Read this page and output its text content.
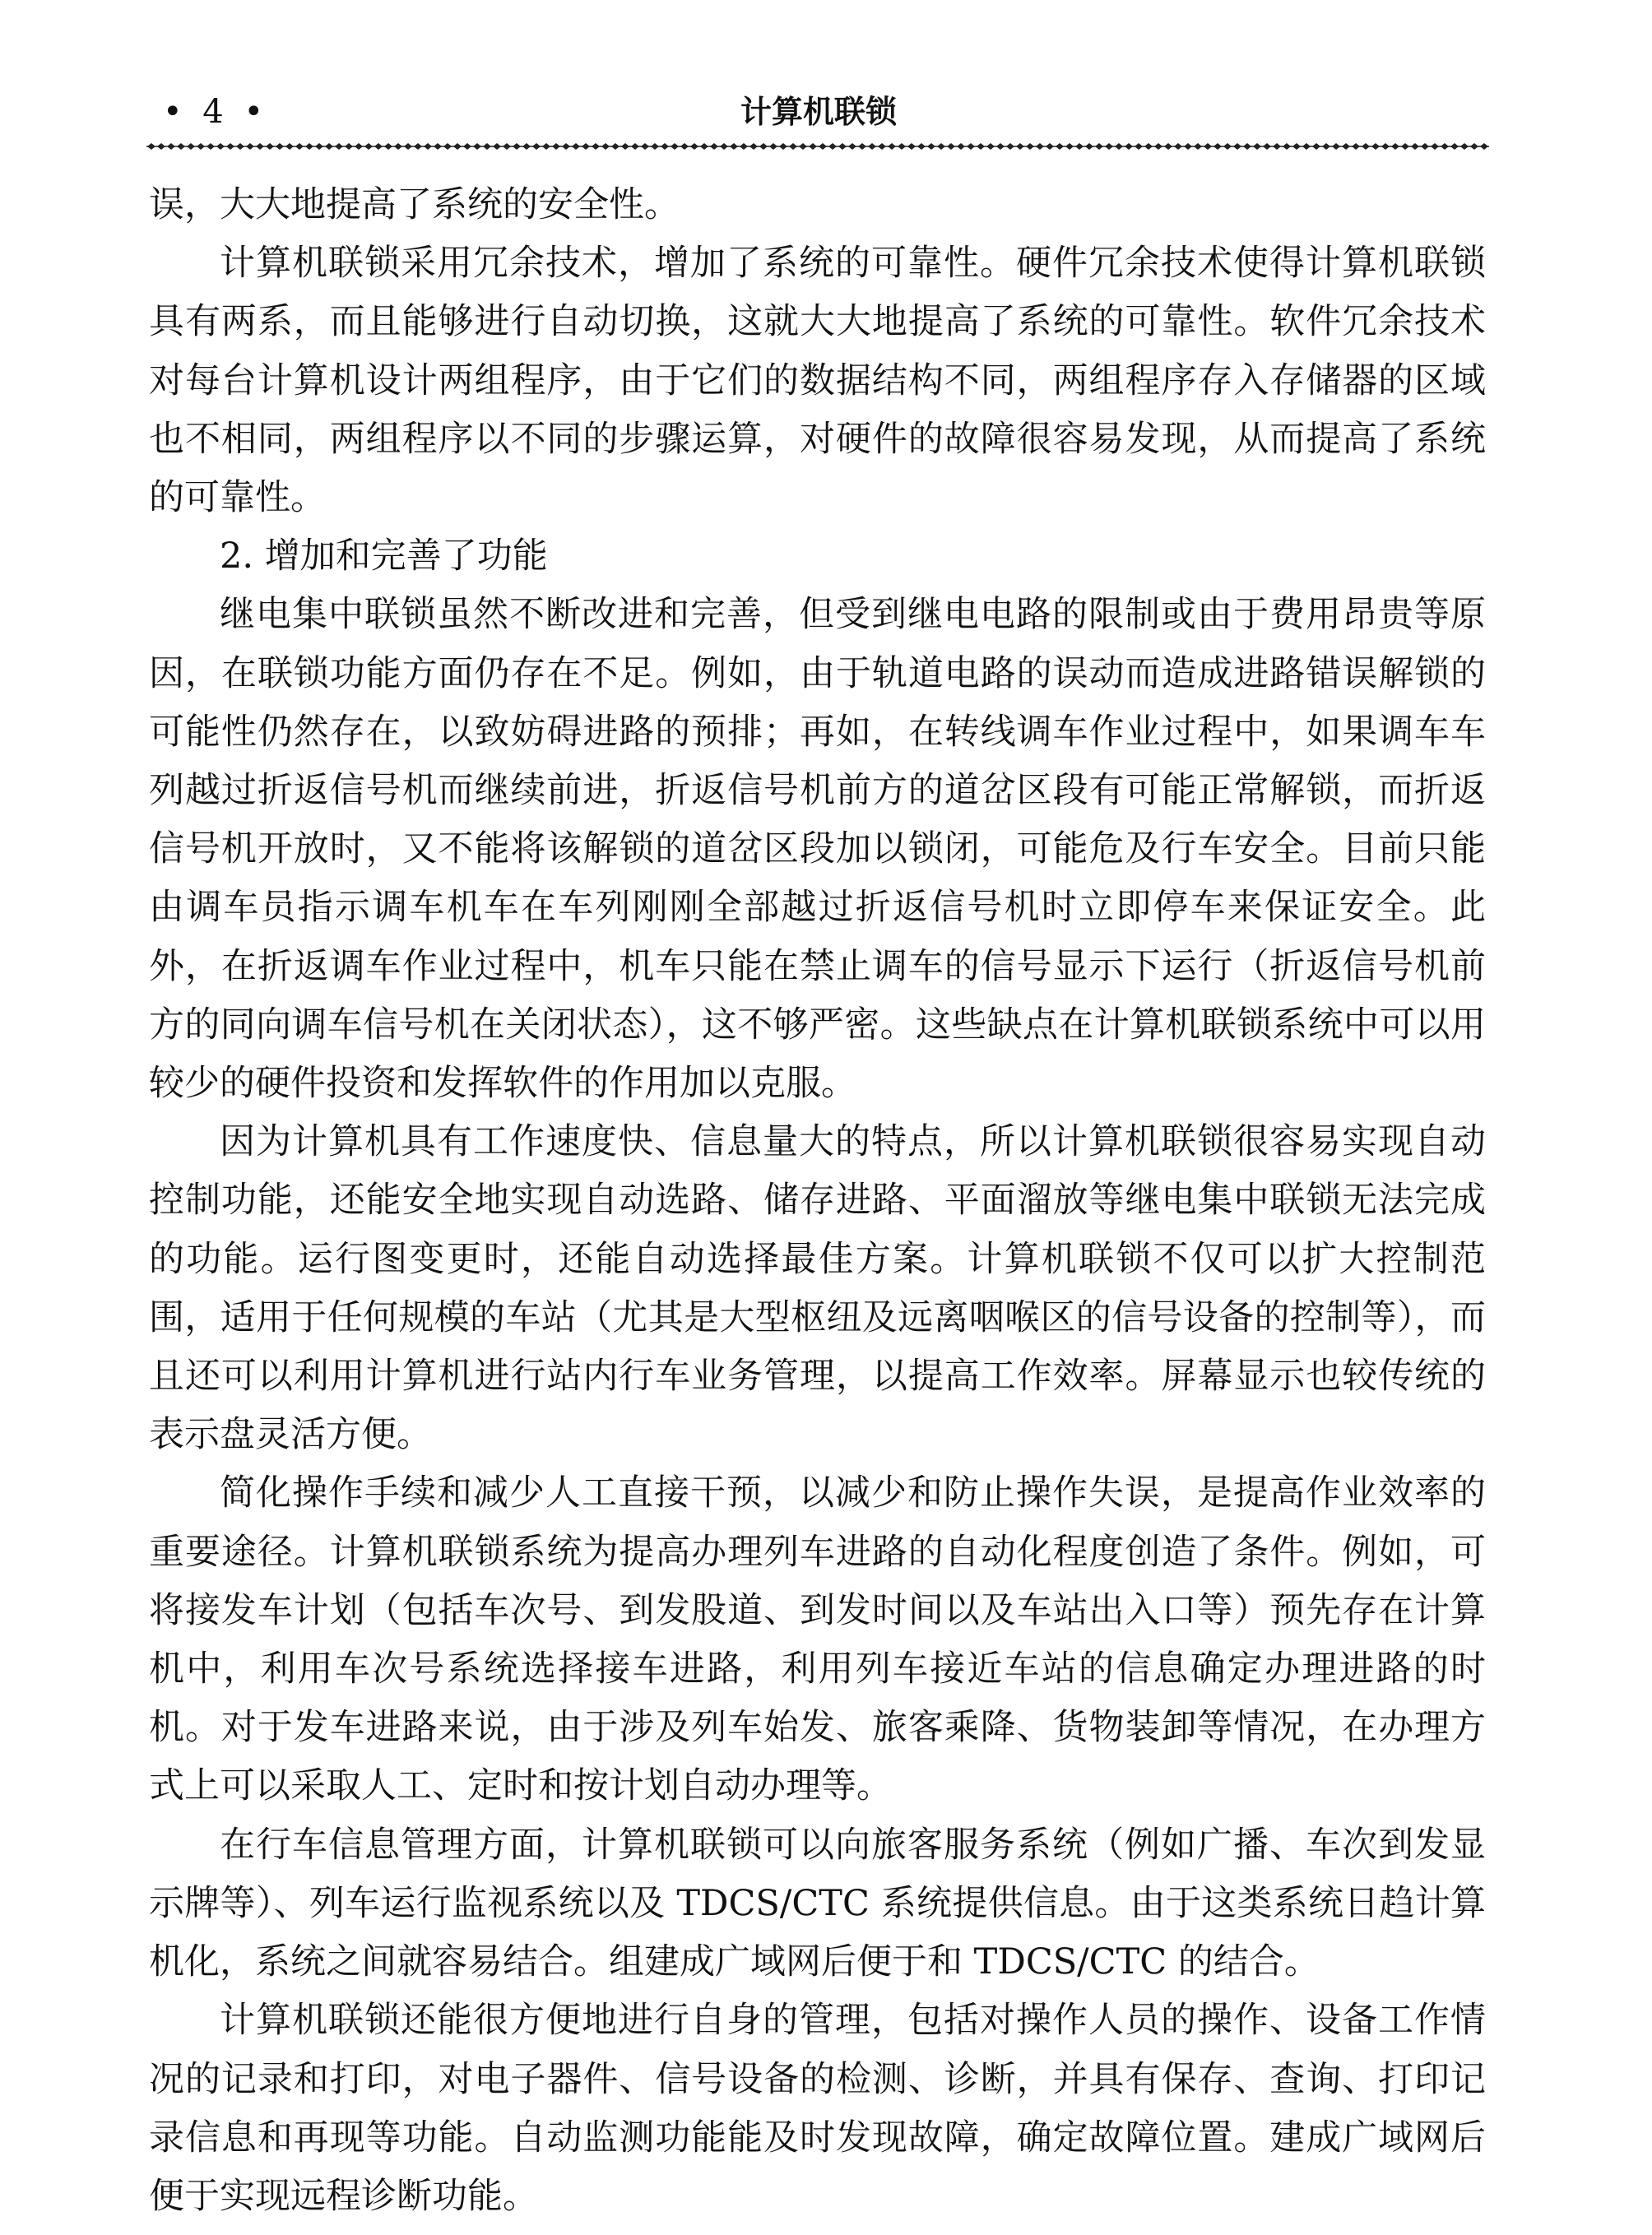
• 4 •	计算机联锁

误，大大地提高了系统的安全性。

计算机联锁采用冗余技术，增加了系统的可靠性。硬件冗余技术使得计算机联锁具有两系，而且能够进行自动切换，这就大大地提高了系统的可靠性。软件冗余技术对每台计算机设计两组程序，由于它们的数据结构不同，两组程序存入存储器的区域也不相同，两组程序以不同的步骤运算，对硬件的故障很容易发现，从而提高了系统的可靠性。

2. 增加和完善了功能

继电集中联锁虽然不断改进和完善，但受到继电电路的限制或由于费用昂贵等原因，在联锁功能方面仍存在不足。例如，由于轨道电路的误动而造成进路错误解锁的可能性仍然存在，以致妨碍进路的预排；再如，在转线调车作业过程中，如果调车车列越过折返信号机而继续前进，折返信号机前方的道岔区段有可能正常解锁，而折返信号机开放时，又不能将该解锁的道岔区段加以锁闭，可能危及行车安全。目前只能由调车员指示调车机车在车列刚刚全部越过折返信号机时立即停车来保证安全。此外，在折返调车作业过程中，机车只能在禁止调车的信号显示下运行（折返信号机前方的同向调车信号机在关闭状态），这不够严密。这些缺点在计算机联锁系统中可以用较少的硬件投资和发挥软件的作用加以克服。

因为计算机具有工作速度快、信息量大的特点，所以计算机联锁很容易实现自动控制功能，还能安全地实现自动选路、储存进路、平面溜放等继电集中联锁无法完成的功能。运行图变更时，还能自动选择最佳方案。计算机联锁不仅可以扩大控制范围，适用于任何规模的车站（尤其是大型枢纽及远离咽喉区的信号设备的控制等），而且还可以利用计算机进行站内行车业务管理，以提高工作效率。屏幕显示也较传统的表示盘灵活方便。

简化操作手续和减少人工直接干预，以减少和防止操作失误，是提高作业效率的重要途径。计算机联锁系统为提高办理列车进路的自动化程度创造了条件。例如，可将接发车计划（包括车次号、到发股道、到发时间以及车站出入口等）预先存在计算机中，利用车次号系统选择接车进路，利用列车接近车站的信息确定办理进路的时机。对于发车进路来说，由于涉及列车始发、旅客乘降、货物装卸等情况，在办理方式上可以采取人工、定时和按计划自动办理等。

在行车信息管理方面，计算机联锁可以向旅客服务系统（例如广播、车次到发显示牌等）、列车运行监视系统以及 TDCS/CTC 系统提供信息。由于这类系统日趋计算机化，系统之间就容易结合。组建成广域网后便于和 TDCS/CTC 的结合。

计算机联锁还能很方便地进行自身的管理，包括对操作人员的操作、设备工作情况的记录和打印，对电子器件、信号设备的检测、诊断，并具有保存、查询、打印记录信息和再现等功能。自动监测功能能及时发现故障，确定故障位置。建成广域网后便于实现远程诊断功能。
